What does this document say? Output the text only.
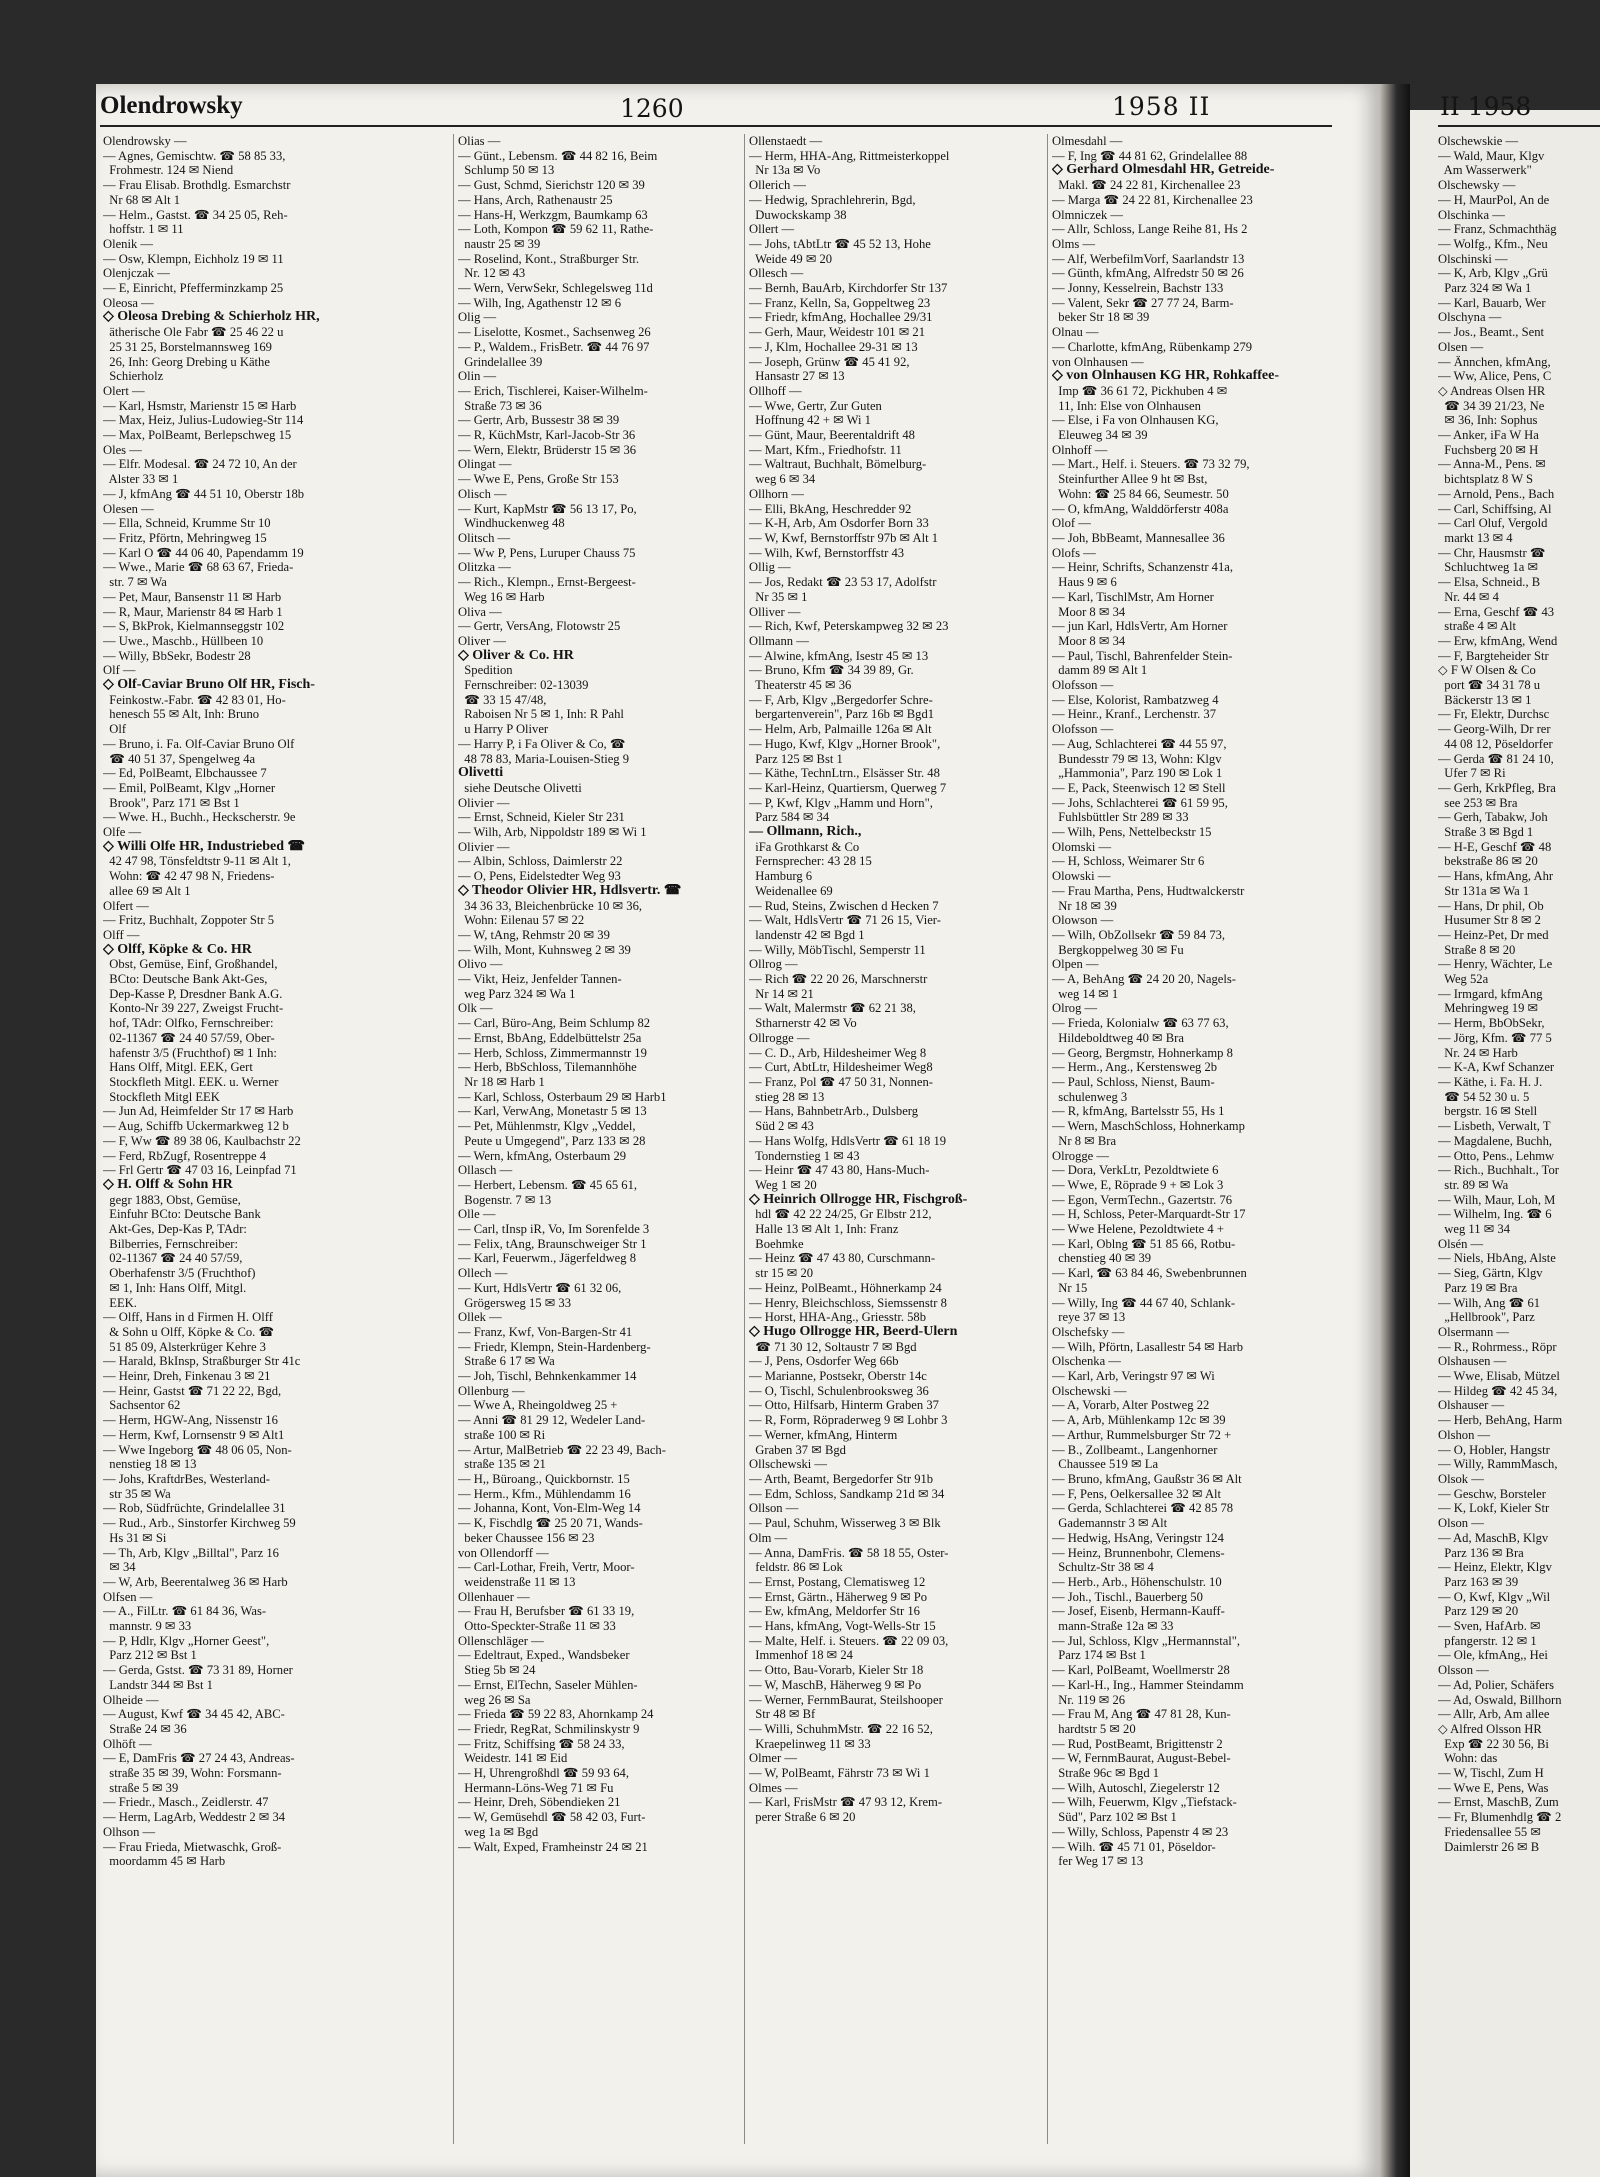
Olendrowsky	1260	1958 II
Olendrowsky —
— Agnes, Gemischtw. ☎ 58 85 33,
Frohmestr. 124 ✉ Niend
— Frau Elisab. Brothdlg. Esmarchstr
Nr 68 ✉ Alt 1
— Helm., Gastst. ☎ 34 25 05, Reh-
hoffstr. 1 ✉ 11
Olenik —
— Osw, Klempn, Eichholz 19 ✉ 11
Olenjczak —
— E, Einricht, Pfefferminzkamp 25
Oleosa —
◇ Oleosa Drebing & Schierholz HR,
ätherische Ole Fabr ☎ 25 46 22 u
25 31 25, Borstelmannsweg 169
26, Inh: Georg Drebing u Käthe
Schierholz
Olert —
— Karl, Hsmstr, Marienstr 15 ✉ Harb
— Max, Heiz, Julius-Ludowieg-Str 114
— Max, PolBeamt, Berlepschweg 15
Oles —
— Elfr. Modesal. ☎ 24 72 10, An der
Alster 33 ✉ 1
— J, kfmAng ☎ 44 51 10, Oberstr 18b
Olesen —
— Ella, Schneid, Krumme Str 10
— Fritz, Pförtn, Mehringweg 15
— Karl O ☎ 44 06 40, Papendamm 19
— Wwe., Marie ☎ 68 63 67, Frieda-
str. 7 ✉ Wa
— Pet, Maur, Bansenstr 11 ✉ Harb
— R, Maur, Marienstr 84 ✉ Harb 1
— S, BkProk, Kielmannseggstr 102
— Uwe., Maschb., Hüllbeen 10
— Willy, BbSekr, Bodestr 28
Olf —
◇ Olf-Caviar Bruno Olf HR, Fisch-
Feinkostw.-Fabr. ☎ 42 83 01, Ho-
henesch 55 ✉ Alt, Inh: Bruno
Olf
— Bruno, i. Fa. Olf-Caviar Bruno Olf
☎ 40 51 37, Spengelweg 4a
— Ed, PolBeamt, Elbchaussee 7
— Emil, PolBeamt, Klgv „Horner
Brook", Parz 171 ✉ Bst 1
— Wwe. H., Buchh., Heckscherstr. 9e
Olfe —
◇ Willi Olfe HR, Industriebed ☎
42 47 98, Tönsfeldtstr 9-11 ✉ Alt 1,
Wohn: ☎ 42 47 98 N, Friedens-
allee 69 ✉ Alt 1
Olfert —
— Fritz, Buchhalt, Zoppoter Str 5
Olff —
◇ Olff, Köpke & Co. HR
Obst, Gemüse, Einf, Großhandel,
BCto: Deutsche Bank Akt-Ges,
Dep-Kasse P, Dresdner Bank A.G.
Konto-Nr 39 227, Zweigst Frucht-
hof, TAdr: Olfko, Fernschreiber:
02-11367 ☎ 24 40 57/59, Ober-
hafenstr 3/5 (Fruchthof) ✉ 1 Inh:
Hans Olff, Mitgl. EEK, Gert
Stockfleth Mitgl. EEK. u. Werner
Stockfleth Mitgl EEK
— Jun Ad, Heimfelder Str 17 ✉ Harb
— Aug, Schiffb Uckermarkweg 12 b
— F, Ww ☎ 89 38 06, Kaulbachstr 22
— Ferd, RbZugf, Rosentreppe 4
— Frl Gertr ☎ 47 03 16, Leinpfad 71
◇ H. Olff & Sohn HR
gegr 1883, Obst, Gemüse,
Einfuhr BCto: Deutsche Bank
Akt-Ges, Dep-Kas P, TAdr:
Bilberries, Fernschreiber:
02-11367 ☎ 24 40 57/59,
Oberhafenstr 3/5 (Fruchthof)
✉ 1, Inh: Hans Olff, Mitgl.
EEK.
— Olff, Hans in d Firmen H. Olff
& Sohn u Olff, Köpke & Co. ☎
51 85 09, Alsterkrüger Kehre 3
— Harald, BkInsp, Straßburger Str 41c
— Heinr, Dreh, Finkenau 3 ✉ 21
— Heinr, Gastst ☎ 71 22 22, Bgd,
Sachsentor 62
— Herm, HGW-Ang, Nissenstr 16
— Herm, Kwf, Lornsenstr 9 ✉ Alt1
— Wwe Ingeborg ☎ 48 06 05, Non-
nenstieg 18 ✉ 13
— Johs, KraftdrBes, Westerland-
str 35 ✉ Wa
— Rob, Südfrüchte, Grindelallee 31
— Rud., Arb., Sinstorfer Kirchweg 59
Hs 31 ✉ Si
— Th, Arb, Klgv „Billtal", Parz 16
✉ 34
— W, Arb, Beerentalweg 36 ✉ Harb
Olfsen —
— A., FilLtr. ☎ 61 84 36, Was-
mannstr. 9 ✉ 33
— P, Hdlr, Klgv „Horner Geest",
Parz 212 ✉ Bst 1
— Gerda, Gstst. ☎ 73 31 89, Horner
Landstr 344 ✉ Bst 1
Olheide —
— August, Kwf ☎ 34 45 42, ABC-
Straße 24 ✉ 36
Olhöft —
— E, DamFris ☎ 27 24 43, Andreas-
straße 35 ✉ 39, Wohn: Forsmann-
straße 5 ✉ 39
— Friedr., Masch., Zeidlerstr. 47
— Herm, LagArb, Weddestr 2 ✉ 34
Olhson —
— Frau Frieda, Mietwaschk, Groß-
moordamm 45 ✉ Harb
Olias —
— Günt., Lebensm. ☎ 44 82 16, Beim
Schlump 50 ✉ 13
— Gust, Schmd, Sierichstr 120 ✉ 39
— Hans, Arch, Rathenaustr 25
— Hans-H, Werkzgm, Baumkamp 63
— Loth, Kompon ☎ 59 62 11, Rathe-
naustr 25 ✉ 39
— Roselind, Kont., Straßburger Str.
Nr. 12 ✉ 43
— Wern, VerwSekr, Schlegelsweg 11d
— Wilh, Ing, Agathenstr 12 ✉ 6
Olig —
— Liselotte, Kosmet., Sachsenweg 26
— P., Waldem., FrisBetr. ☎ 44 76 97
Grindelallee 39
Olin —
— Erich, Tischlerei, Kaiser-Wilhelm-
Straße 73 ✉ 36
— Gertr, Arb, Bussestr 38 ✉ 39
— R, KüchMstr, Karl-Jacob-Str 36
— Wern, Elektr, Brüderstr 15 ✉ 36
Olingat —
— Wwe E, Pens, Große Str 153
Olisch —
— Kurt, KapMstr ☎ 56 13 17, Po,
Windhuckenweg 48
Olitsch —
— Ww P, Pens, Luruper Chauss 75
Olitzka —
— Rich., Klempn., Ernst-Bergeest-
Weg 16 ✉ Harb
Oliva —
— Gertr, VersAng, Flotowstr 25
Oliver —
◇ Oliver & Co. HR
Spedition
Fernschreiber: 02-13039
☎ 33 15 47/48,
Raboisen Nr 5 ✉ 1, Inh: R Pahl
u Harry P Oliver
— Harry P, i Fa Oliver & Co, ☎
48 78 83, Maria-Louisen-Stieg 9
Olivetti
siehe Deutsche Olivetti
Olivier —
— Ernst, Schneid, Kieler Str 231
— Wilh, Arb, Nippoldstr 189 ✉ Wi 1
Olivier —
— Albin, Schloss, Daimlerstr 22
— O, Pens, Eidelstedter Weg 93
◇ Theodor Olivier HR, Hdlsvertr. ☎
34 36 33, Bleichenbrücke 10 ✉ 36,
Wohn: Eilenau 57 ✉ 22
— W, tAng, Rehmstr 20 ✉ 39
— Wilh, Mont, Kuhnsweg 2 ✉ 39
Olivo —
— Vikt, Heiz, Jenfelder Tannen-
weg Parz 324 ✉ Wa 1
Olk —
— Carl, Büro-Ang, Beim Schlump 82
— Ernst, BbAng, Eddelbüttelstr 25a
— Herb, Schloss, Zimmermannstr 19
— Herb, BbSchloss, Tilemannhöhe
Nr 18 ✉ Harb 1
— Karl, Schloss, Osterbaum 29 ✉ Harb1
— Karl, VerwAng, Monetastr 5 ✉ 13
— Pet, Mühlenmstr, Klgv „Veddel,
Peute u Umgegend", Parz 133 ✉ 28
— Wern, kfmAng, Osterbaum 29
Ollasch —
— Herbert, Lebensm. ☎ 45 65 61,
Bogenstr. 7 ✉ 13
Olle —
— Carl, tInsp iR, Vo, Im Sorenfelde 3
— Felix, tAng, Braunschweiger Str 1
— Karl, Feuerwm., Jägerfeldweg 8
Ollech —
— Kurt, HdlsVertr ☎ 61 32 06,
Grögersweg 15 ✉ 33
Ollek —
— Franz, Kwf, Von-Bargen-Str 41
— Friedr, Klempn, Stein-Hardenberg-
Straße 6 17 ✉ Wa
— Joh, Tischl, Behnkenkammer 14
Ollenburg —
— Wwe A, Rheingoldweg 25 +
— Anni ☎ 81 29 12, Wedeler Land-
straße 100 ✉ Ri
— Artur, MalBetrieb ☎ 22 23 49, Bach-
straße 135 ✉ 21
— H,, Büroang., Quickbornstr. 15
— Herm., Kfm., Mühlendamm 16
— Johanna, Kont, Von-Elm-Weg 14
— K, Fischdlg ☎ 25 20 71, Wands-
beker Chaussee 156 ✉ 23
von Ollendorff —
— Carl-Lothar, Freih, Vertr, Moor-
weidenstraße 11 ✉ 13
Ollenhauer —
— Frau H, Berufsber ☎ 61 33 19,
Otto-Speckter-Straße 11 ✉ 33
Ollenschläger —
— Edeltraut, Exped., Wandsbeker
Stieg 5b ✉ 24
— Ernst, ElTechn, Saseler Mühlen-
weg 26 ✉ Sa
— Frieda ☎ 59 22 83, Ahornkamp 24
— Friedr, RegRat, Schmilinskystr 9
— Fritz, Schiffsing ☎ 58 24 33,
Weidestr. 141 ✉ Eid
— H, Uhrengroßhdl ☎ 59 93 64,
Hermann-Löns-Weg 71 ✉ Fu
— Heinr, Dreh, Söbendieken 21
— W, Gemüsehdl ☎ 58 42 03, Furt-
weg 1a ✉ Bgd
— Walt, Exped, Framheinstr 24 ✉ 21
Ollenstaedt —
— Herm, HHA-Ang, Rittmeisterkoppel
Nr 13a ✉ Vo
Ollerich —
— Hedwig, Sprachlehrerin, Bgd,
Duwockskamp 38
Ollert —
— Johs, tAbtLtr ☎ 45 52 13, Hohe
Weide 49 ✉ 20
Ollesch —
— Bernh, BauArb, Kirchdorfer Str 137
— Franz, Kelln, Sa, Goppeltweg 23
— Friedr, kfmAng, Hochallee 29/31
— Gerh, Maur, Weidestr 101 ✉ 21
— J, Klm, Hochallee 29-31 ✉ 13
— Joseph, Grünw ☎ 45 41 92,
Hansastr 27 ✉ 13
Ollhoff —
— Wwe, Gertr, Zur Guten
Hoffnung 42 + ✉ Wi 1
— Günt, Maur, Beerentaldrift 48
— Mart, Kfm., Friedhofstr. 11
— Waltraut, Buchhalt, Bömelburg-
weg 6 ✉ 34
Ollhorn —
— Elli, BkAng, Heschredder 92
— K-H, Arb, Am Osdorfer Born 33
— W, Kwf, Bernstorffstr 97b ✉ Alt 1
— Wilh, Kwf, Bernstorffstr 43
Ollig —
— Jos, Redakt ☎ 23 53 17, Adolfstr
Nr 35 ✉ 1
Olliver —
— Rich, Kwf, Peterskampweg 32 ✉ 23
Ollmann —
— Alwine, kfmAng, Isestr 45 ✉ 13
— Bruno, Kfm ☎ 34 39 89, Gr.
Theaterstr 45 ✉ 36
— F, Arb, Klgv „Bergedorfer Schre-
bergartenverein", Parz 16b ✉ Bgd1
— Helm, Arb, Palmaille 126a ✉ Alt
— Hugo, Kwf, Klgv „Horner Brook",
Parz 125 ✉ Bst 1
— Käthe, TechnLtrn., Elsässer Str. 48
— Karl-Heinz, Quartiersm, Querweg 7
— P, Kwf, Klgv „Hamm und Horn",
Parz 584 ✉ 34
— Ollmann, Rich.,
iFa Grothkarst & Co
Fernsprecher: 43 28 15
Hamburg 6
Weidenallee 69
— Rud, Steins, Zwischen d Hecken 7
— Walt, HdlsVertr ☎ 71 26 15, Vier-
landenstr 42 ✉ Bgd 1
— Willy, MöbTischl, Semperstr 11
Ollrog —
— Rich ☎ 22 20 26, Marschnerstr
Nr 14 ✉ 21
— Walt, Malermstr ☎ 62 21 38,
Stharnerstr 42 ✉ Vo
Ollrogge —
— C. D., Arb, Hildesheimer Weg 8
— Curt, AbtLtr, Hildesheimer Weg8
— Franz, Pol ☎ 47 50 31, Nonnen-
stieg 28 ✉ 13
— Hans, BahnbetrArb., Dulsberg
Süd 2 ✉ 43
— Hans Wolfg, HdlsVertr ☎ 61 18 19
Tondernstieg 1 ✉ 43
— Heinr ☎ 47 43 80, Hans-Much-
Weg 1 ✉ 20
◇ Heinrich Ollrogge HR, Fischgroß-
hdl ☎ 42 22 24/25, Gr Elbstr 212,
Halle 13 ✉ Alt 1, Inh: Franz
Boehmke
— Heinz ☎ 47 43 80, Curschmann-
str 15 ✉ 20
— Heinz, PolBeamt., Höhnerkamp 24
— Henry, Bleichschloss, Siemssenstr 8
— Horst, HHA-Ang., Griesstr. 58b
◇ Hugo Ollrogge HR, Beerd-Ulern
☎ 71 30 12, Soltaustr 7 ✉ Bgd
— J, Pens, Osdorfer Weg 66b
— Marianne, Postsekr, Oberstr 14c
— O, Tischl, Schulenbrooksweg 36
— Otto, Hilfsarb, Hinterm Graben 37
— R, Form, Röpraderweg 9 ✉ Lohbr 3
— Werner, kfmAng, Hinterm
Graben 37 ✉ Bgd
Ollschewski —
— Arth, Beamt, Bergedorfer Str 91b
— Edm, Schloss, Sandkamp 21d ✉ 34
Ollson —
— Paul, Schuhm, Wisserweg 3 ✉ Blk
Olm —
— Anna, DamFris. ☎ 58 18 55, Oster-
feldstr. 86 ✉ Lok
— Ernst, Postang, Clematisweg 12
— Ernst, Gärtn., Häherweg 9 ✉ Po
— Ew, kfmAng, Meldorfer Str 16
— Hans, kfmAng, Vogt-Wells-Str 15
— Malte, Helf. i. Steuers. ☎ 22 09 03,
Immenhof 18 ✉ 24
— Otto, Bau-Vorarb, Kieler Str 18
— W, MaschB, Häherweg 9 ✉ Po
— Werner, FernmBaurat, Steilshooper
Str 48 ✉ Bf
— Willi, SchuhmMstr. ☎ 22 16 52,
Kraepelinweg 11 ✉ 33
Olmer —
— W, PolBeamt, Fährstr 73 ✉ Wi 1
Olmes —
— Karl, FrisMstr ☎ 47 93 12, Krem-
perer Straße 6 ✉ 20
Olmesdahl —
— F, Ing ☎ 44 81 62, Grindelallee 88
◇ Gerhard Olmesdahl HR, Getreide-
Makl. ☎ 24 22 81, Kirchenallee 23
— Marga ☎ 24 22 81, Kirchenallee 23
Olmniczek —
— Allr, Schloss, Lange Reihe 81, Hs 2
Olms —
— Alf, WerbefilmVorf, Saarlandstr 13
— Günth, kfmAng, Alfredstr 50 ✉ 26
— Jonny, Kesselrein, Bachstr 133
— Valent, Sekr ☎ 27 77 24, Barm-
beker Str 18 ✉ 39
Olnau —
— Charlotte, kfmAng, Rübenkamp 279
von Olnhausen —
◇ von Olnhausen KG HR, Rohkaffee-
Imp ☎ 36 61 72, Pickhuben 4 ✉
11, Inh: Else von Olnhausen
— Else, i Fa von Olnhausen KG,
Eleuweg 34 ✉ 39
Olnhoff —
— Mart., Helf. i. Steuers. ☎ 73 32 79,
Steinfurther Allee 9 ht ✉ Bst,
Wohn: ☎ 25 84 66, Seumestr. 50
— O, kfmAng, Walddörferstr 408a
Olof —
— Joh, BbBeamt, Mannesallee 36
Olofs —
— Heinr, Schrifts, Schanzenstr 41a,
Haus 9 ✉ 6
— Karl, TischlMstr, Am Horner
Moor 8 ✉ 34
— jun Karl, HdlsVertr, Am Horner
Moor 8 ✉ 34
— Paul, Tischl, Bahrenfelder Stein-
damm 89 ✉ Alt 1
Olofsson —
— Else, Kolorist, Rambatzweg 4
— Heinr., Kranf., Lerchenstr. 37
Olofsson —
— Aug, Schlachterei ☎ 44 55 97,
Bundesstr 79 ✉ 13, Wohn: Klgv
„Hammonia", Parz 190 ✉ Lok 1
— E, Pack, Steenwisch 12 ✉ Stell
— Johs, Schlachterei ☎ 61 59 95,
Fuhlsbüttler Str 289 ✉ 33
— Wilh, Pens, Nettelbeckstr 15
Olomski —
— H, Schloss, Weimarer Str 6
Olowski —
— Frau Martha, Pens, Hudtwalckerstr
Nr 18 ✉ 39
Olowson —
— Wilh, ObZollsekr ☎ 59 84 73,
Bergkoppelweg 30 ✉ Fu
Olpen —
— A, BehAng ☎ 24 20 20, Nagels-
weg 14 ✉ 1
Olrog —
— Frieda, Kolonialw ☎ 63 77 63,
Hildeboldtweg 40 ✉ Bra
— Georg, Bergmstr, Hohnerkamp 8
— Herm., Ang., Kerstensweg 2b
— Paul, Schloss, Nienst, Baum-
schulenweg 3
— R, kfmAng, Bartelsstr 55, Hs 1
— Wern, MaschSchloss, Hohnerkamp
Nr 8 ✉ Bra
Olrogge —
— Dora, VerkLtr, Pezoldtwiete 6
— Wwe, E, Röprade 9 + ✉ Lok 3
— Egon, VermTechn., Gazertstr. 76
— H, Schloss, Peter-Marquardt-Str 17
— Wwe Helene, Pezoldtwiete 4 +
— Karl, Oblng ☎ 51 85 66, Rotbu-
chenstieg 40 ✉ 39
— Karl, ☎ 63 84 46, Swebenbrunnen
Nr 15
— Willy, Ing ☎ 44 67 40, Schlank-
reye 37 ✉ 13
Olschefsky —
— Wilh, Pförtn, Lasallestr 54 ✉ Harb
Olschenka —
— Karl, Arb, Veringstr 97 ✉ Wi
Olschewski —
— A, Vorarb, Alter Postweg 22
— A, Arb, Mühlenkamp 12c ✉ 39
— Arthur, Rummelsburger Str 72 +
— B., Zollbeamt., Langenhorner
Chaussee 519 ✉ La
— Bruno, kfmAng, Gaußstr 36 ✉ Alt
— F, Pens, Oelkersallee 32 ✉ Alt
— Gerda, Schlachterei ☎ 42 85 78
Gademannstr 3 ✉ Alt
— Hedwig, HsAng, Veringstr 124
— Heinz, Brunnenbohr, Clemens-
Schultz-Str 38 ✉ 4
— Herb., Arb., Höhenschulstr. 10
— Joh., Tischl., Bauerberg 50
— Josef, Eisenb, Hermann-Kauff-
mann-Straße 12a ✉ 33
— Jul, Schloss, Klgv „Hermannstal",
Parz 174 ✉ Bst 1
— Karl, PolBeamt, Woellmerstr 28
— Karl-H., Ing., Hammer Steindamm
Nr. 119 ✉ 26
— Frau M, Ang ☎ 47 81 28, Kun-
hardtstr 5 ✉ 20
— Rud, PostBeamt, Brigittenstr 2
— W, FernmBaurat, August-Bebel-
Straße 96c ✉ Bgd 1
— Wilh, Autoschl, Ziegelerstr 12
— Wilh, Feuerwm, Klgv „Tiefstack-
Süd", Parz 102 ✉ Bst 1
— Willy, Schloss, Papenstr 4 ✉ 23
— Wilh. ☎ 45 71 01, Pöseldor-
fer Weg 17 ✉ 13
II 1958
Olschewskie —
— Wald, Maur, Klgv
Am Wasserwerk"
Olschewsky —
— H, MaurPol, An de
Olschinka —
— Franz, Schmachthäg
— Wolfg., Kfm., Neu
Olschinski —
— K, Arb, Klgv „Grü
Parz 324 ✉ Wa 1
— Karl, Bauarb, Wer
Olschyna —
— Jos., Beamt., Sent
Olsen —
— Ännchen, kfmAng,
— Ww, Alice, Pens, C
◇ Andreas Olsen HR
☎ 34 39 21/23, Ne
✉ 36, Inh: Sophus
— Anker, iFa W Ha
Fuchsberg 20 ✉ H
— Anna-M., Pens. ✉
bichtsplatz 8 W S
— Arnold, Pens., Bach
— Carl, Schiffsing, Al
— Carl Oluf, Vergold
markt 13 ✉ 4
— Chr, Hausmstr ☎
Schluchtweg 1a ✉
— Elsa, Schneid., B
Nr. 44 ✉ 4
— Erna, Geschf ☎ 43
straße 4 ✉ Alt
— Erw, kfmAng, Wend
— F, Bargteheider Str
◇ F W Olsen & Co
port ☎ 34 31 78 u
Bäckerstr 13 ✉ 1
— Fr, Elektr, Durchsc
— Georg-Wilh, Dr rer
44 08 12, Pöseldorfer
— Gerda ☎ 81 24 10,
Ufer 7 ✉ Ri
— Gerh, KrkPfleg, Bra
see 253 ✉ Bra
— Gerh, Tabakw, Joh
Straße 3 ✉ Bgd 1
— H-E, Geschf ☎ 48
bekstraße 86 ✉ 20
— Hans, kfmAng, Ahr
Str 131a ✉ Wa 1
— Hans, Dr phil, Ob
Husumer Str 8 ✉ 2
— Heinz-Pet, Dr med
Straße 8 ✉ 20
— Henry, Wächter, Le
Weg 52a
— Irmgard, kfmAng
Mehringweg 19 ✉
— Herm, BbObSekr,
— Jörg, Kfm. ☎ 77 5
Nr. 24 ✉ Harb
— K-A, Kwf Schanzer
— Käthe, i. Fa. H. J.
☎ 54 52 30 u. 5
bergstr. 16 ✉ Stell
— Lisbeth, Verwalt, T
— Magdalene, Buchh,
— Otto, Pens., Lehmw
— Rich., Buchhalt., Tor
str. 89 ✉ Wa
— Wilh, Maur, Loh, M
— Wilhelm, Ing. ☎ 6
weg 11 ✉ 34
Olsén —
— Niels, HbAng, Alste
— Sieg, Gärtn, Klgv
Parz 19 ✉ Bra
— Wilh, Ang ☎ 61
„Hellbrook", Parz
Olsermann —
— R., Rohrmess., Röpr
Olshausen —
— Wwe, Elisab, Mützel
— Hildeg ☎ 42 45 34,
Olshauser —
— Herb, BehAng, Harm
Olshon —
— O, Hobler, Hangstr
— Willy, RammMasch,
Olsok —
— Geschw, Borsteler
— K, Lokf, Kieler Str
Olson —
— Ad, MaschB, Klgv
Parz 136 ✉ Bra
— Heinz, Elektr, Klgv
Parz 163 ✉ 39
— O, Kwf, Klgv „Wil
Parz 129 ✉ 20
— Sven, HafArb. ✉
pfangerstr. 12 ✉ 1
— Ole, kfmAng,, Hei
Olsson —
— Ad, Polier, Schäfers
— Ad, Oswald, Billhorn
— Allr, Arb, Am allee
◇ Alfred Olsson HR
Exp ☎ 22 30 56, Bi
Wohn: das
— W, Tischl, Zum H
— Wwe E, Pens, Was
— Ernst, MaschB, Zum
— Fr, Blumenhdlg ☎ 2
Friedensallee 55 ✉
Daimlerstr 26 ✉ B
